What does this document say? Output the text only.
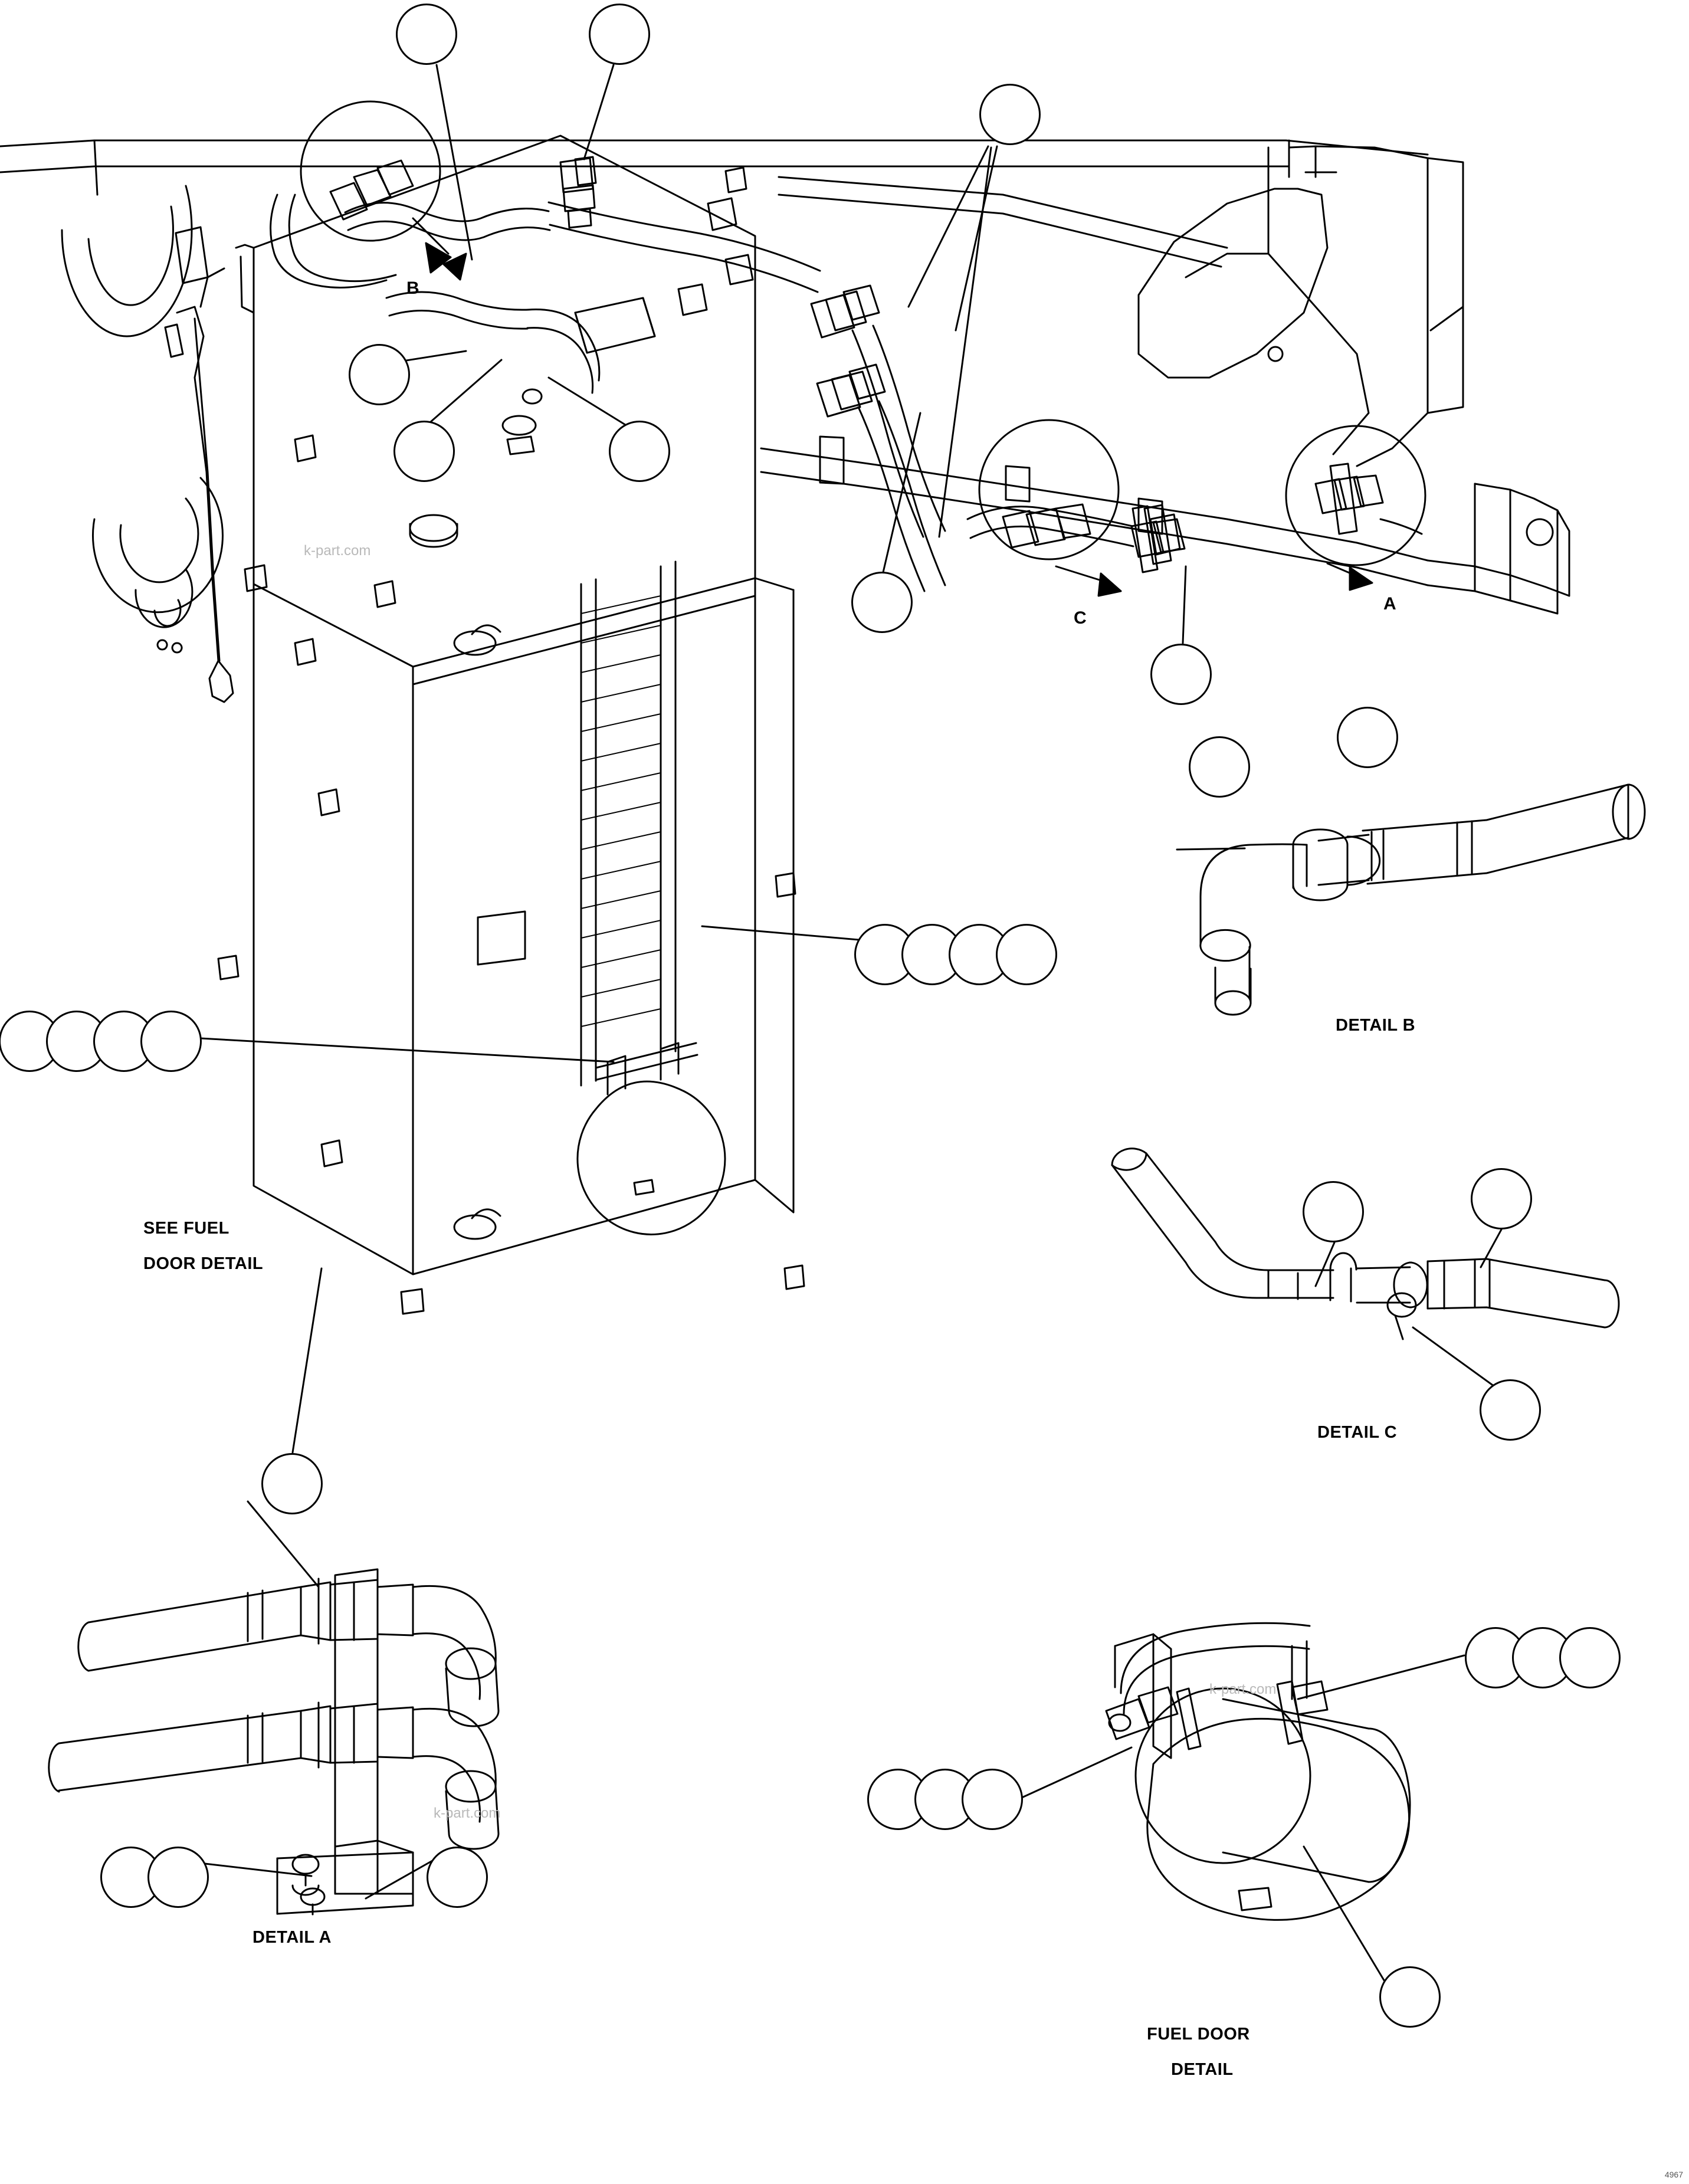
SEE FUEL
DOOR DETAIL
DETAIL B
DETAIL C
DETAIL A
FUEL DOOR
DETAIL
A
B
C
k-part.com
k-part.com
k-part.com
4967
